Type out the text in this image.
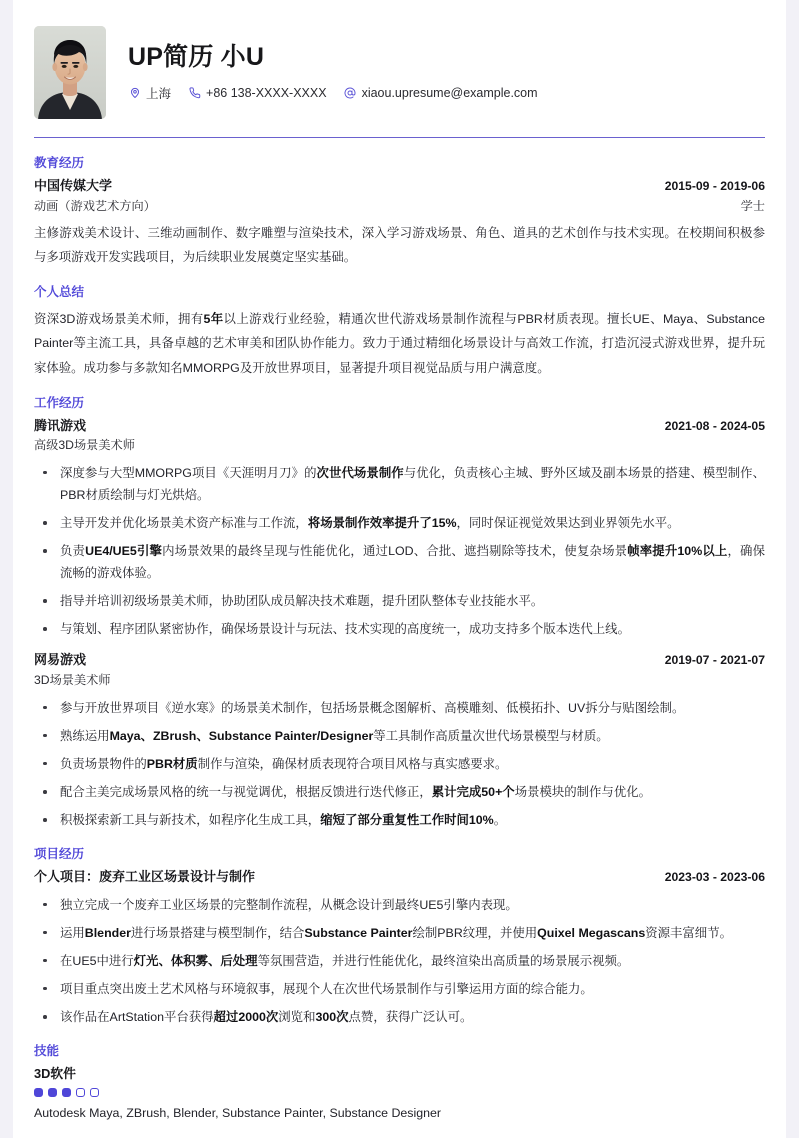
UP简历 小U
上海	+86 138-XXXX-XXXX	xiaou.upresume@example.com
教育经历
中国传媒大学	2015-09 - 2019-06
动画（游戏艺术方向）	学士
主修游戏美术设计、三维动画制作、数字雕塑与渲染技术，深入学习游戏场景、角色、道具的艺术创作与技术实现。在校期间积极参与多项游戏开发实践项目，为后续职业发展奠定坚实基础。
个人总结
资深3D游戏场景美术师，拥有5年以上游戏行业经验，精通次世代游戏场景制作流程与PBR材质表现。擅长UE、Maya、Substance Painter等主流工具，具备卓越的艺术审美和团队协作能力。致力于通过精细化场景设计与高效工作流，打造沉浸式游戏世界，提升玩家体验。成功参与多款知名MMORPG及开放世界项目，显著提升项目视觉品质与用户满意度。
工作经历
腾讯游戏	2021-08 - 2024-05
高级3D场景美术师
深度参与大型MMORPG项目《天涯明月刀》的次世代场景制作与优化，负责核心主城、野外区域及副本场景的搭建、模型制作、PBR材质绘制与灯光烘焙。
主导开发并优化场景美术资产标准与工作流，将场景制作效率提升了15%，同时保证视觉效果达到业界领先水平。
负责UE4/UE5引擎内场景效果的最终呈现与性能优化，通过LOD、合批、遮挡剔除等技术，使复杂场景帧率提升10%以上，确保流畅的游戏体验。
指导并培训初级场景美术师，协助团队成员解决技术难题，提升团队整体专业技能水平。
与策划、程序团队紧密协作，确保场景设计与玩法、技术实现的高度统一，成功支持多个版本迭代上线。
网易游戏	2019-07 - 2021-07
3D场景美术师
参与开放世界项目《逆水寒》的场景美术制作，包括场景概念图解析、高模雕刻、低模拓扑、UV拆分与贴图绘制。
熟练运用Maya、ZBrush、Substance Painter/Designer等工具制作高质量次世代场景模型与材质。
负责场景物件的PBR材质制作与渲染，确保材质表现符合项目风格与真实感要求。
配合主美完成场景风格的统一与视觉调优，根据反馈进行迭代修正，累计完成50+个场景模块的制作与优化。
积极探索新工具与新技术，如程序化生成工具，缩短了部分重复性工作时间10%。
项目经历
个人项目：废弃工业区场景设计与制作	2023-03 - 2023-06
独立完成一个废弃工业区场景的完整制作流程，从概念设计到最终UE5引擎内表现。
运用Blender进行场景搭建与模型制作，结合Substance Painter绘制PBR纹理，并使用Quixel Megascans资源丰富细节。
在UE5中进行灯光、体积雾、后处理等氛围营造，并进行性能优化，最终渲染出高质量的场景展示视频。
项目重点突出废土艺术风格与环境叙事，展现个人在次世代场景制作与引擎运用方面的综合能力。
该作品在ArtStation平台获得超过2000次浏览和300次点赞，获得广泛认可。
技能
3D软件
Autodesk Maya, ZBrush, Blender, Substance Painter, Substance Designer
